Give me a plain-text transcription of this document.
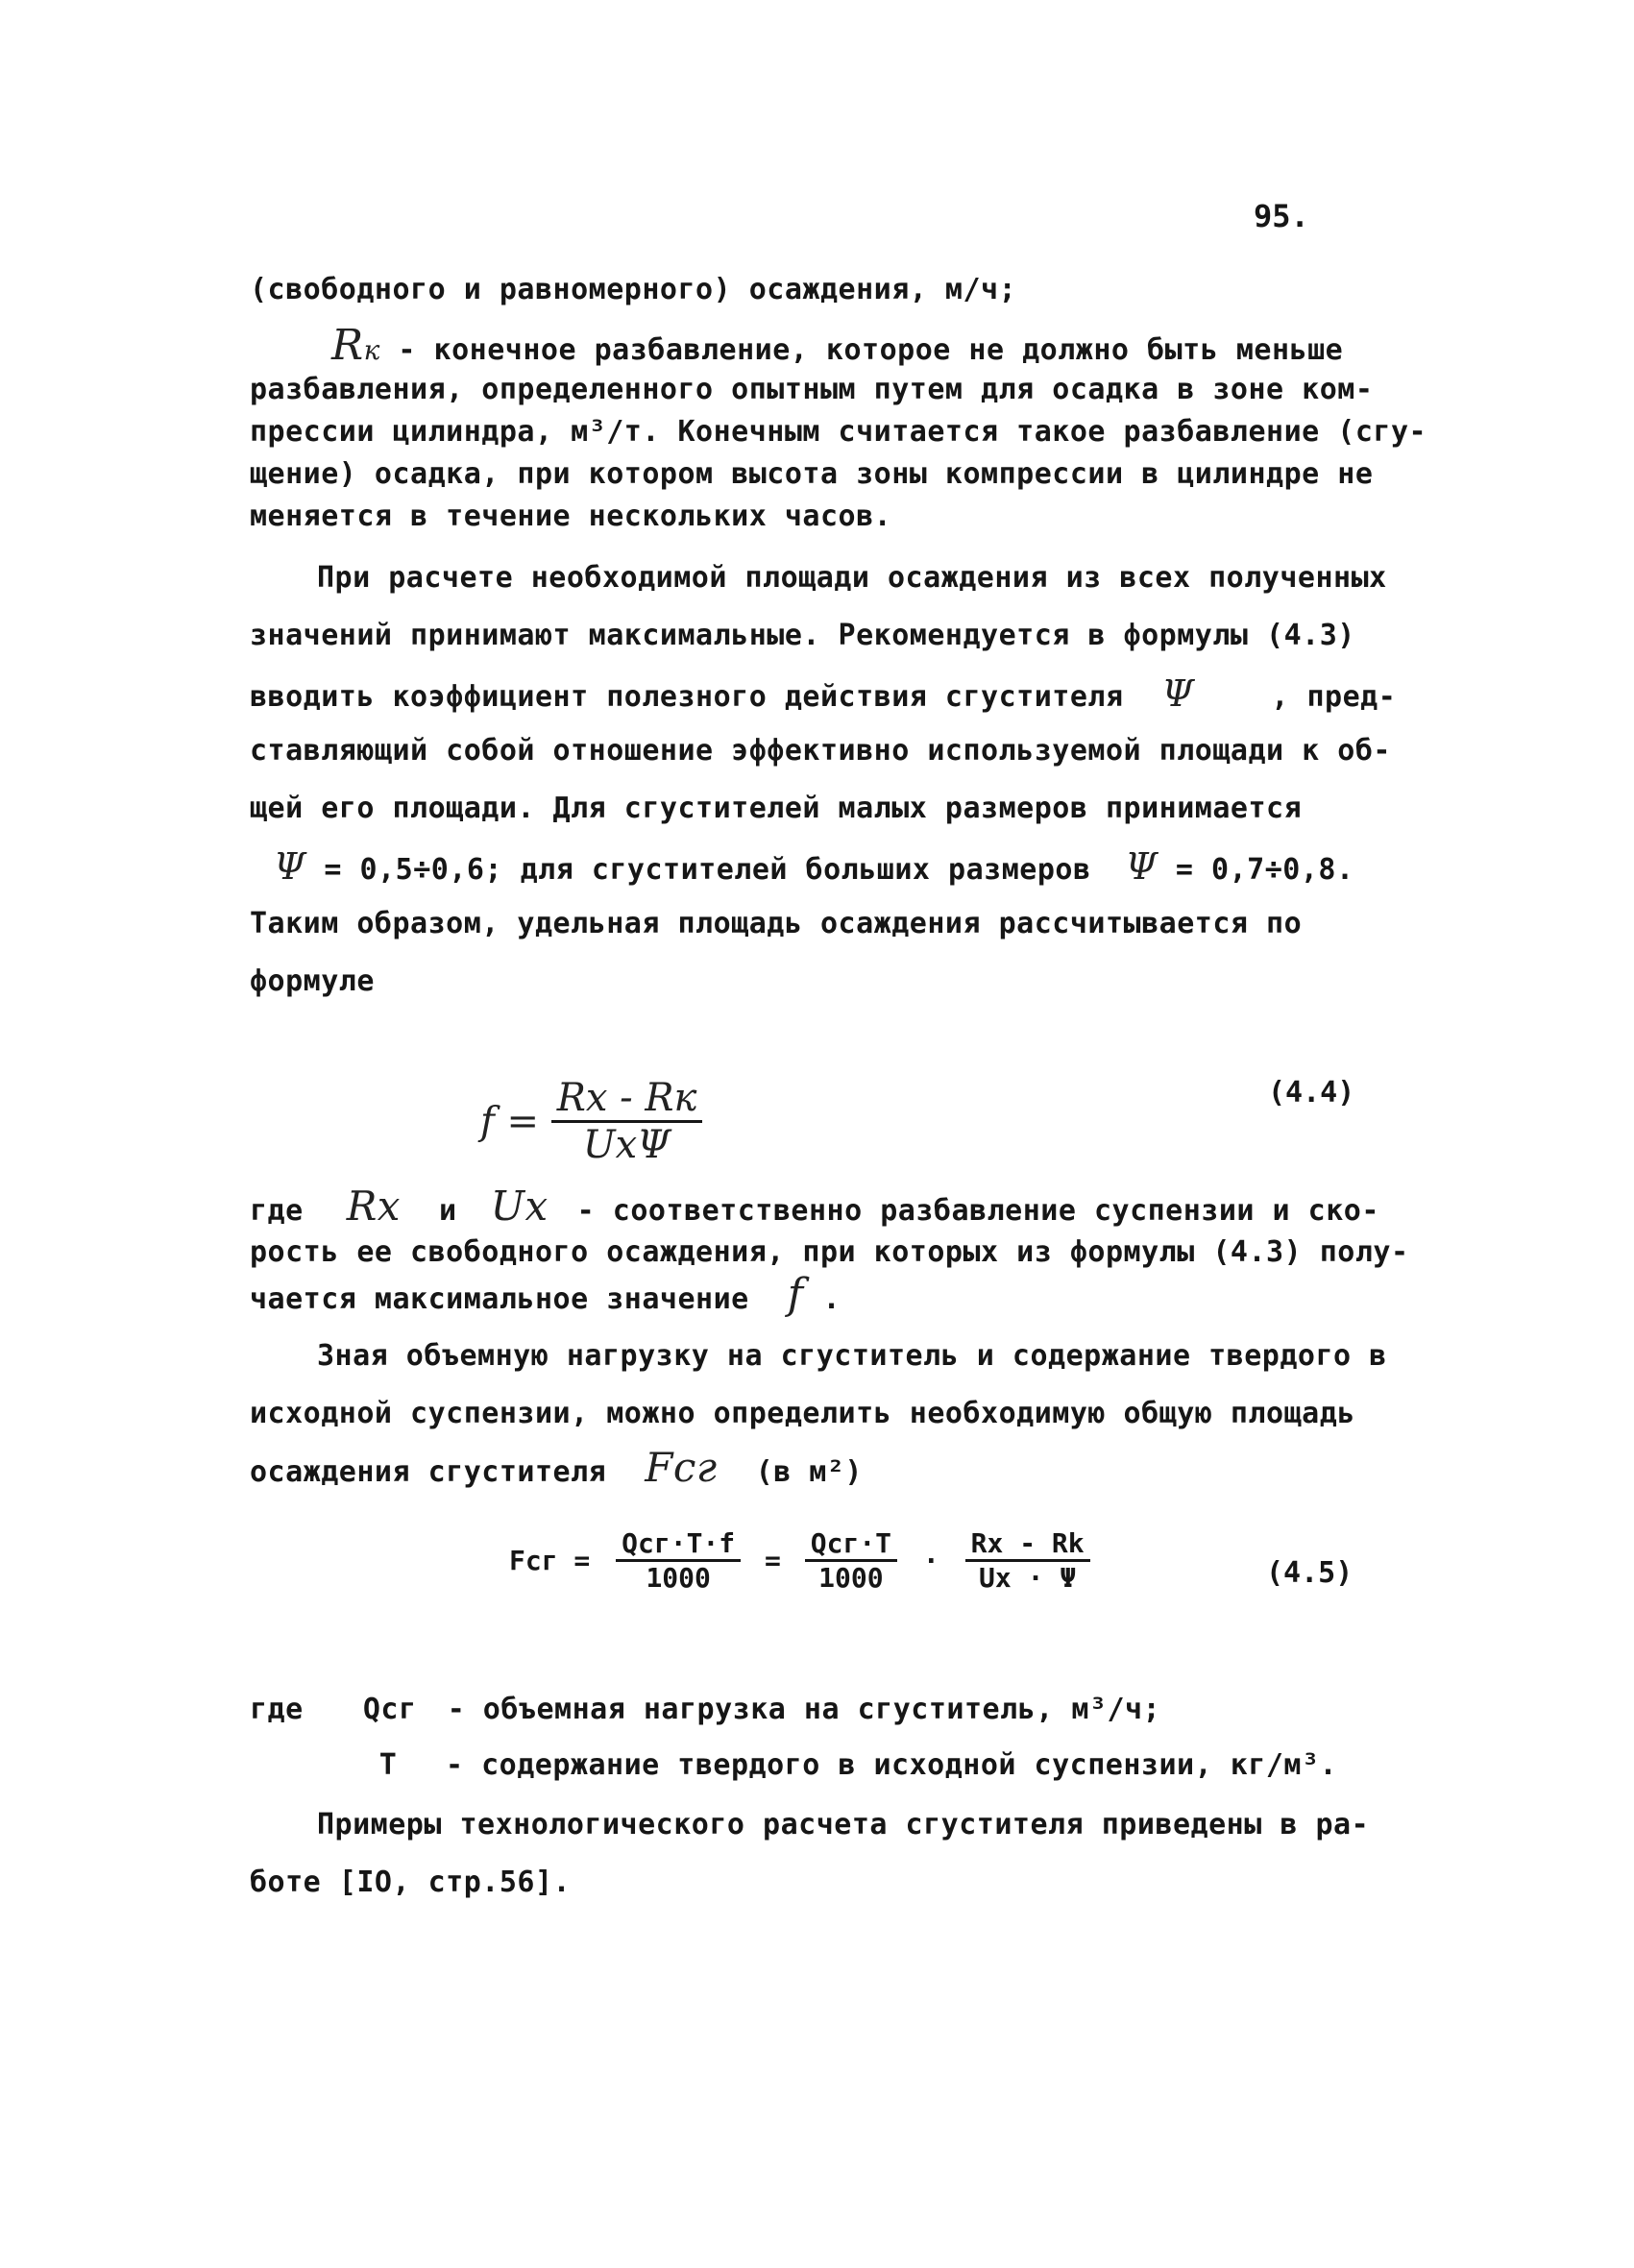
95.
(свободного и равномерного) осаждения, м/ч;
Rк - конечное разбавление, которое не должно быть меньше
разбавления, определенного опытным путем для осадка в зоне ком-
прессии цилиндра, м³/т. Конечным считается такое разбавление (сгу-
щение) осадка, при котором высота зоны компрессии в цилиндре не
меняется в течение нескольких часов.
При расчете необходимой площади осаждения из всех полученных
значений принимают максимальные. Рекомендуется в формулы (4.3)
вводить коэффициент полезного действия сгустителя Ψ	, пред-
ставляющий собой отношение эффективно используемой площади к об-
щей его площади. Для сгустителей малых размеров принимается
Ψ = 0,5÷0,6; для сгустителей больших размеров Ψ = 0,7÷0,8.
Таким образом, удельная площадь осаждения рассчитывается по
формуле
$f = \frac{Rx - Rк}{\text{UxΨ}}$	(4.4)
где Rx и Ux - соответственно разбавление суспензии и ско-
рость ее свободного осаждения, при которых из формулы (4.3) полу-
чается максимальное значение f .
Зная объемную нагрузку на сгуститель и содержание твердого в
исходной суспензии, можно определить необходимую общую площадь
осаждения сгустителя Fсг (в м²)
Fсг = $\frac{\text{Qсг·T·f}}{1000} = \frac{\text{Qсг·T}}{1000} \cdot \frac{Rx - Rk}{Ux \cdot \Psi}$	(4.5)
где Qсг - объемная нагрузка на сгуститель, м³/ч;
T - содержание твердого в исходной суспензии, кг/м³.
Примеры технологического расчета сгустителя приведены в ра-
боте [IO, стр.56].
